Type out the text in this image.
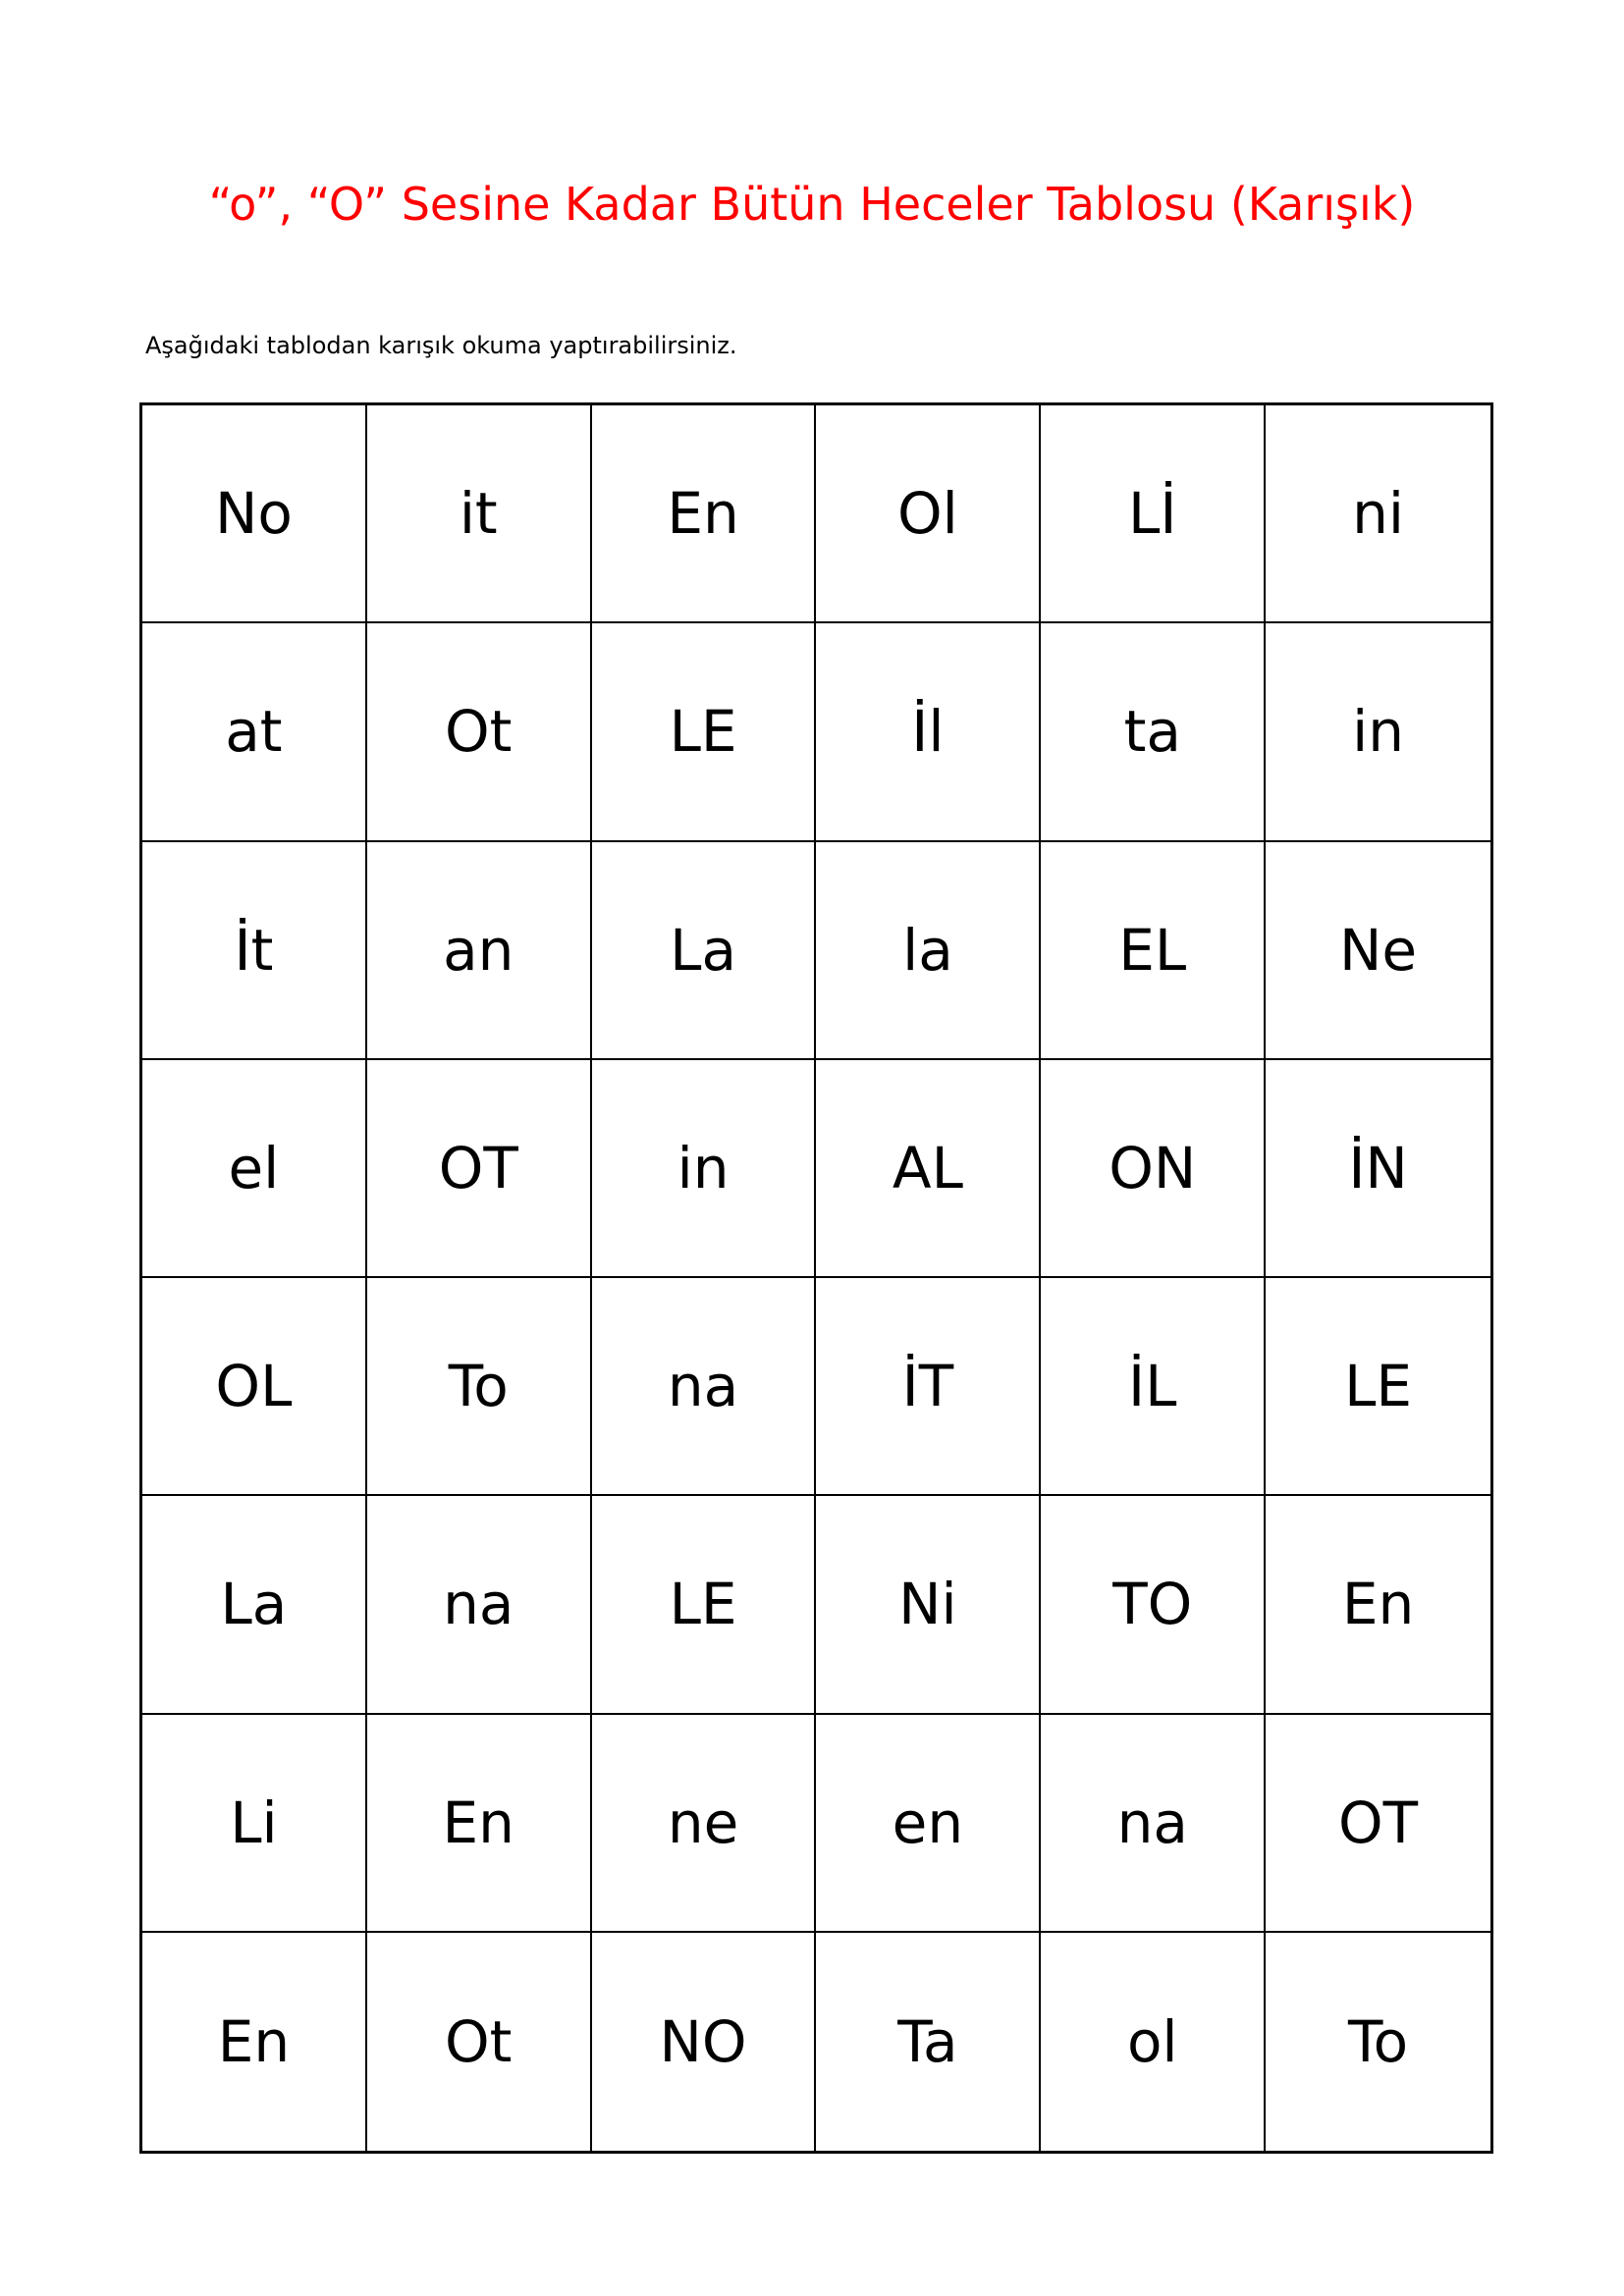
“o”, “O” Sesine Kadar Bütün Heceler Tablosu (Karışık)
Aşağıdaki tablodan karışık okuma yaptırabilirsiniz.
No	it	En	Ol	Lİ	ni
at	Ot	LE	İl	ta	in
İt	an	La	la	EL	Ne
el	OT	in	AL	ON	İN
OL	To	na	İT	İL	LE
La	na	LE	Ni	TO	En
Li	En	ne	en	na	OT
En	Ot	NO	Ta	ol	To
